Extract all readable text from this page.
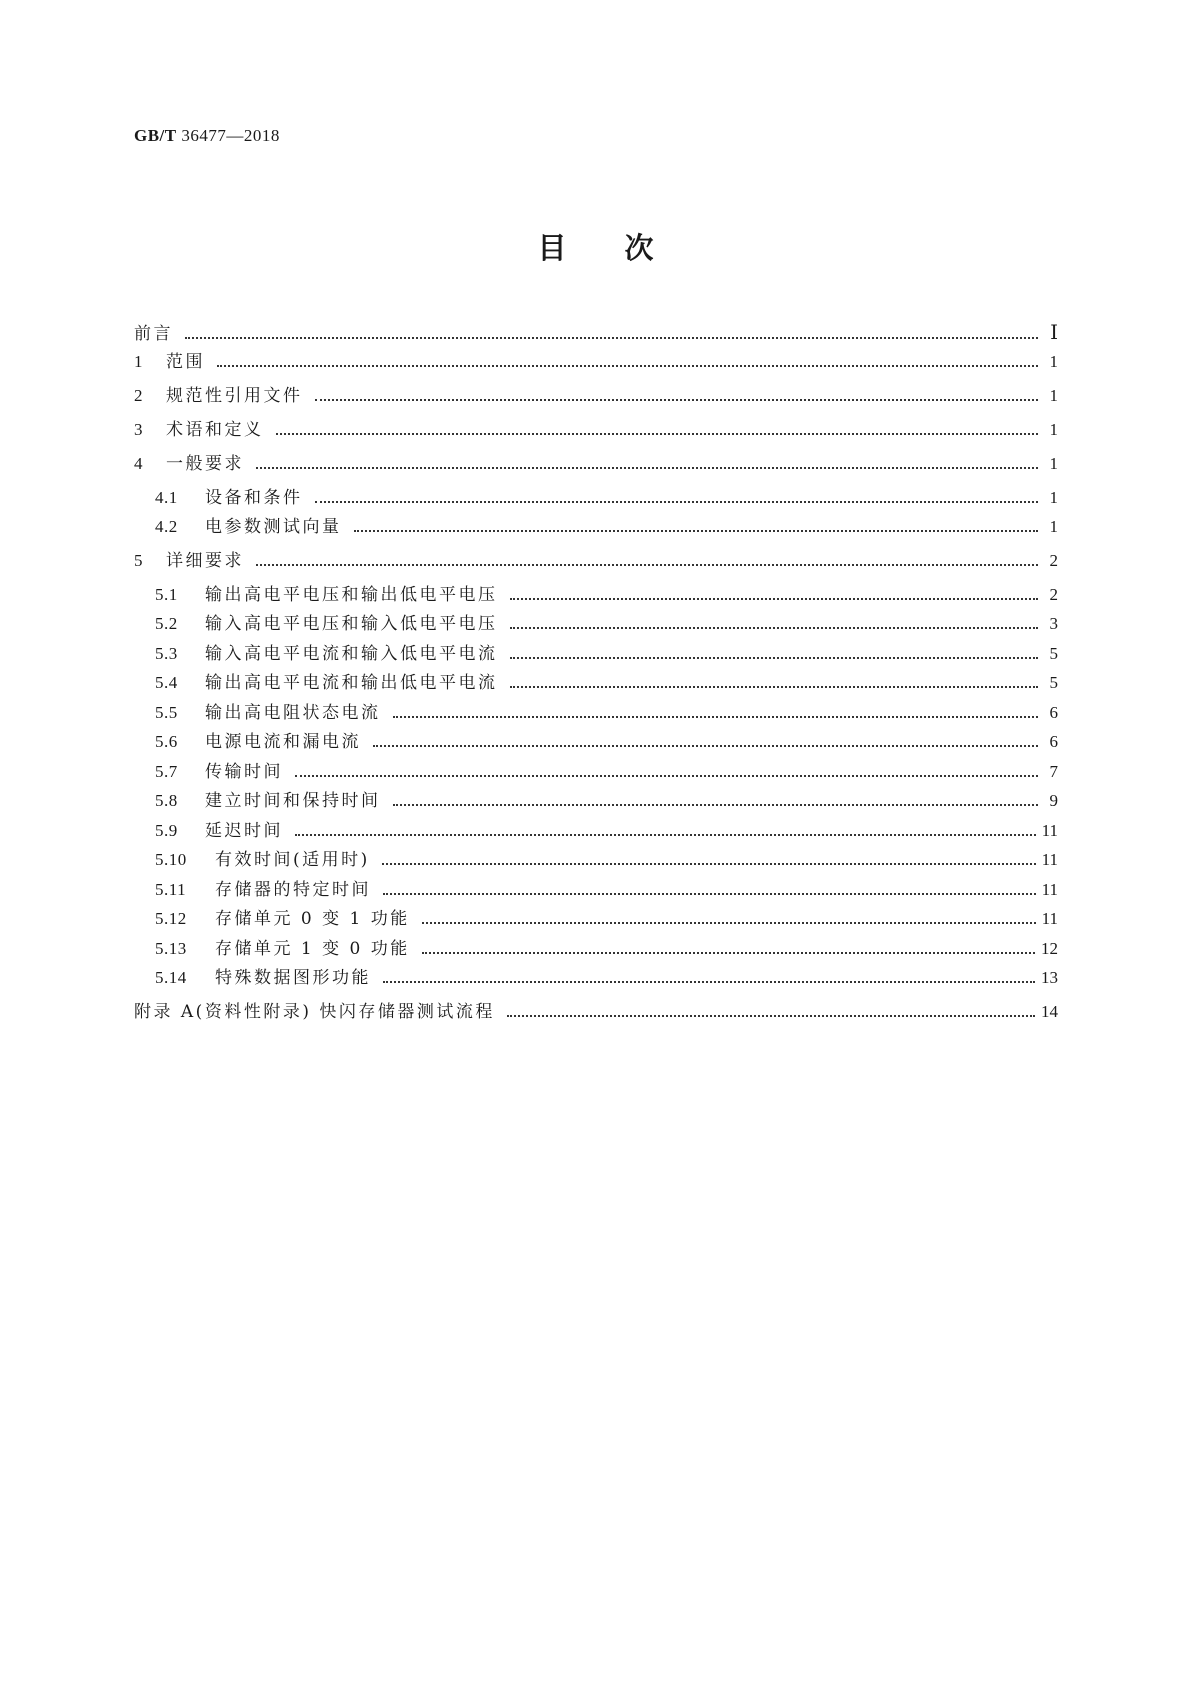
GB/T 36477—2018
目次
前言	Ⅰ
1	范围	1
2	规范性引用文件	1
3	术语和定义	1
4	一般要求	1
4.1	设备和条件	1
4.2	电参数测试向量	1
5	详细要求	2
5.1	输出高电平电压和输出低电平电压	2
5.2	输入高电平电压和输入低电平电压	3
5.3	输入高电平电流和输入低电平电流	5
5.4	输出高电平电流和输出低电平电流	5
5.5	输出高电阻状态电流	6
5.6	电源电流和漏电流	6
5.7	传输时间	7
5.8	建立时间和保持时间	9
5.9	延迟时间	11
5.10	有效时间(适用时)	11
5.11	存储器的特定时间	11
5.12	存储单元 0 变 1 功能	11
5.13	存储单元 1 变 0 功能	12
5.14	特殊数据图形功能	13
附录 A(资料性附录) 快闪存储器测试流程	14
